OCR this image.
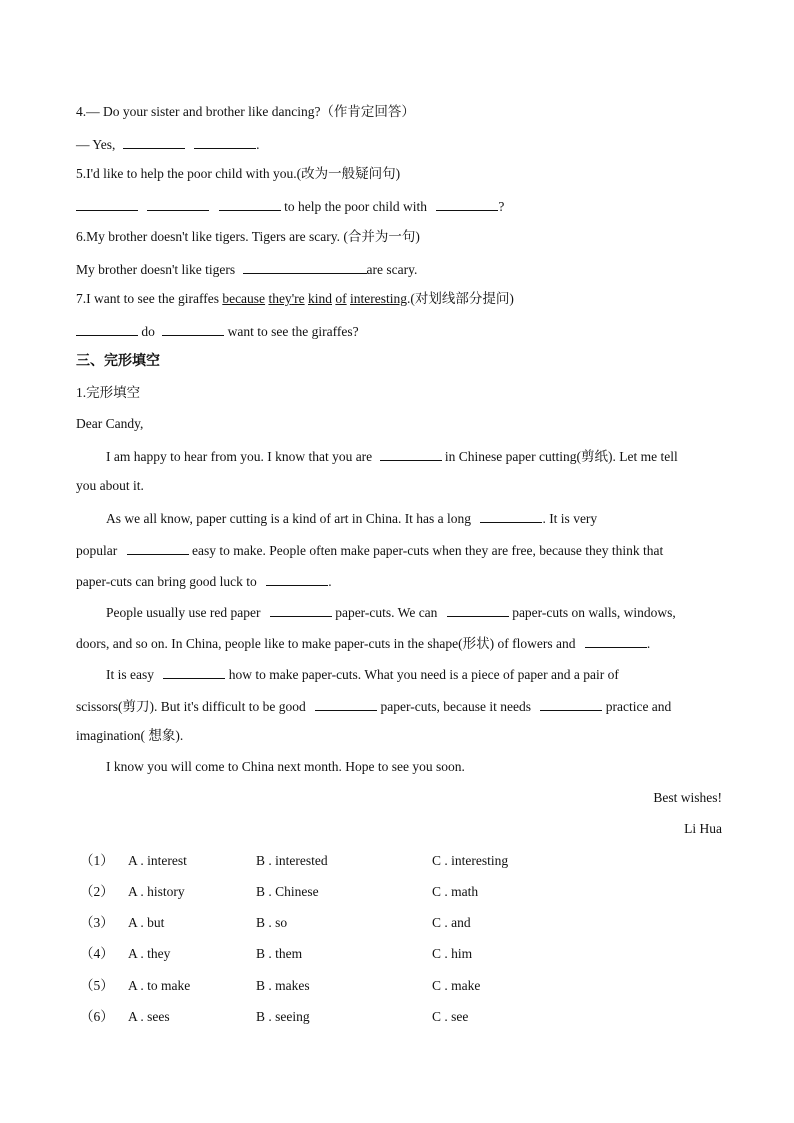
4.— Do your sister and brother like dancing?（作肯定回答）
— Yes,	.
5.I'd like to help the poor child with you.(改为一般疑问句)
to help the poor child with	?
6.My brother doesn't like tigers. Tigers are scary. (合并为一句)
My brother doesn't like tigers	are scary.
7.I want to see the giraffes because they're kind of interesting.(对划线部分提问)
do	want to see the giraffes?
三、完形填空
1.完形填空
Dear Candy,
I am happy to hear from you. I know that you are	in Chinese paper cutting(剪纸). Let me tell
you about it.
As we all know, paper cutting is a kind of art in China. It has a long	. It is very
popular	easy to make. People often make paper-cuts when they are free, because they think that
paper-cuts can bring good luck to	.
People usually use red paper	paper-cuts. We can	paper-cuts on walls, windows,
doors, and so on. In China, people like to make paper-cuts in the shape(形状) of flowers and	.
It is easy	how to make paper-cuts. What you need is a piece of paper and a pair of
scissors(剪刀). But it's difficult to be good	paper-cuts, because it needs	practice and
imagination( 想象).
I know you will come to China next month. Hope to see you soon.
Best wishes!
Li Hua
（1） A . interest	B . interested	C . interesting
（2） A . history	B . Chinese	C . math
（3） A . but	B . so	C . and
（4） A . they	B . them	C . him
（5） A . to make	B . makes	C . make
（6） A . sees	B . seeing	C . see
